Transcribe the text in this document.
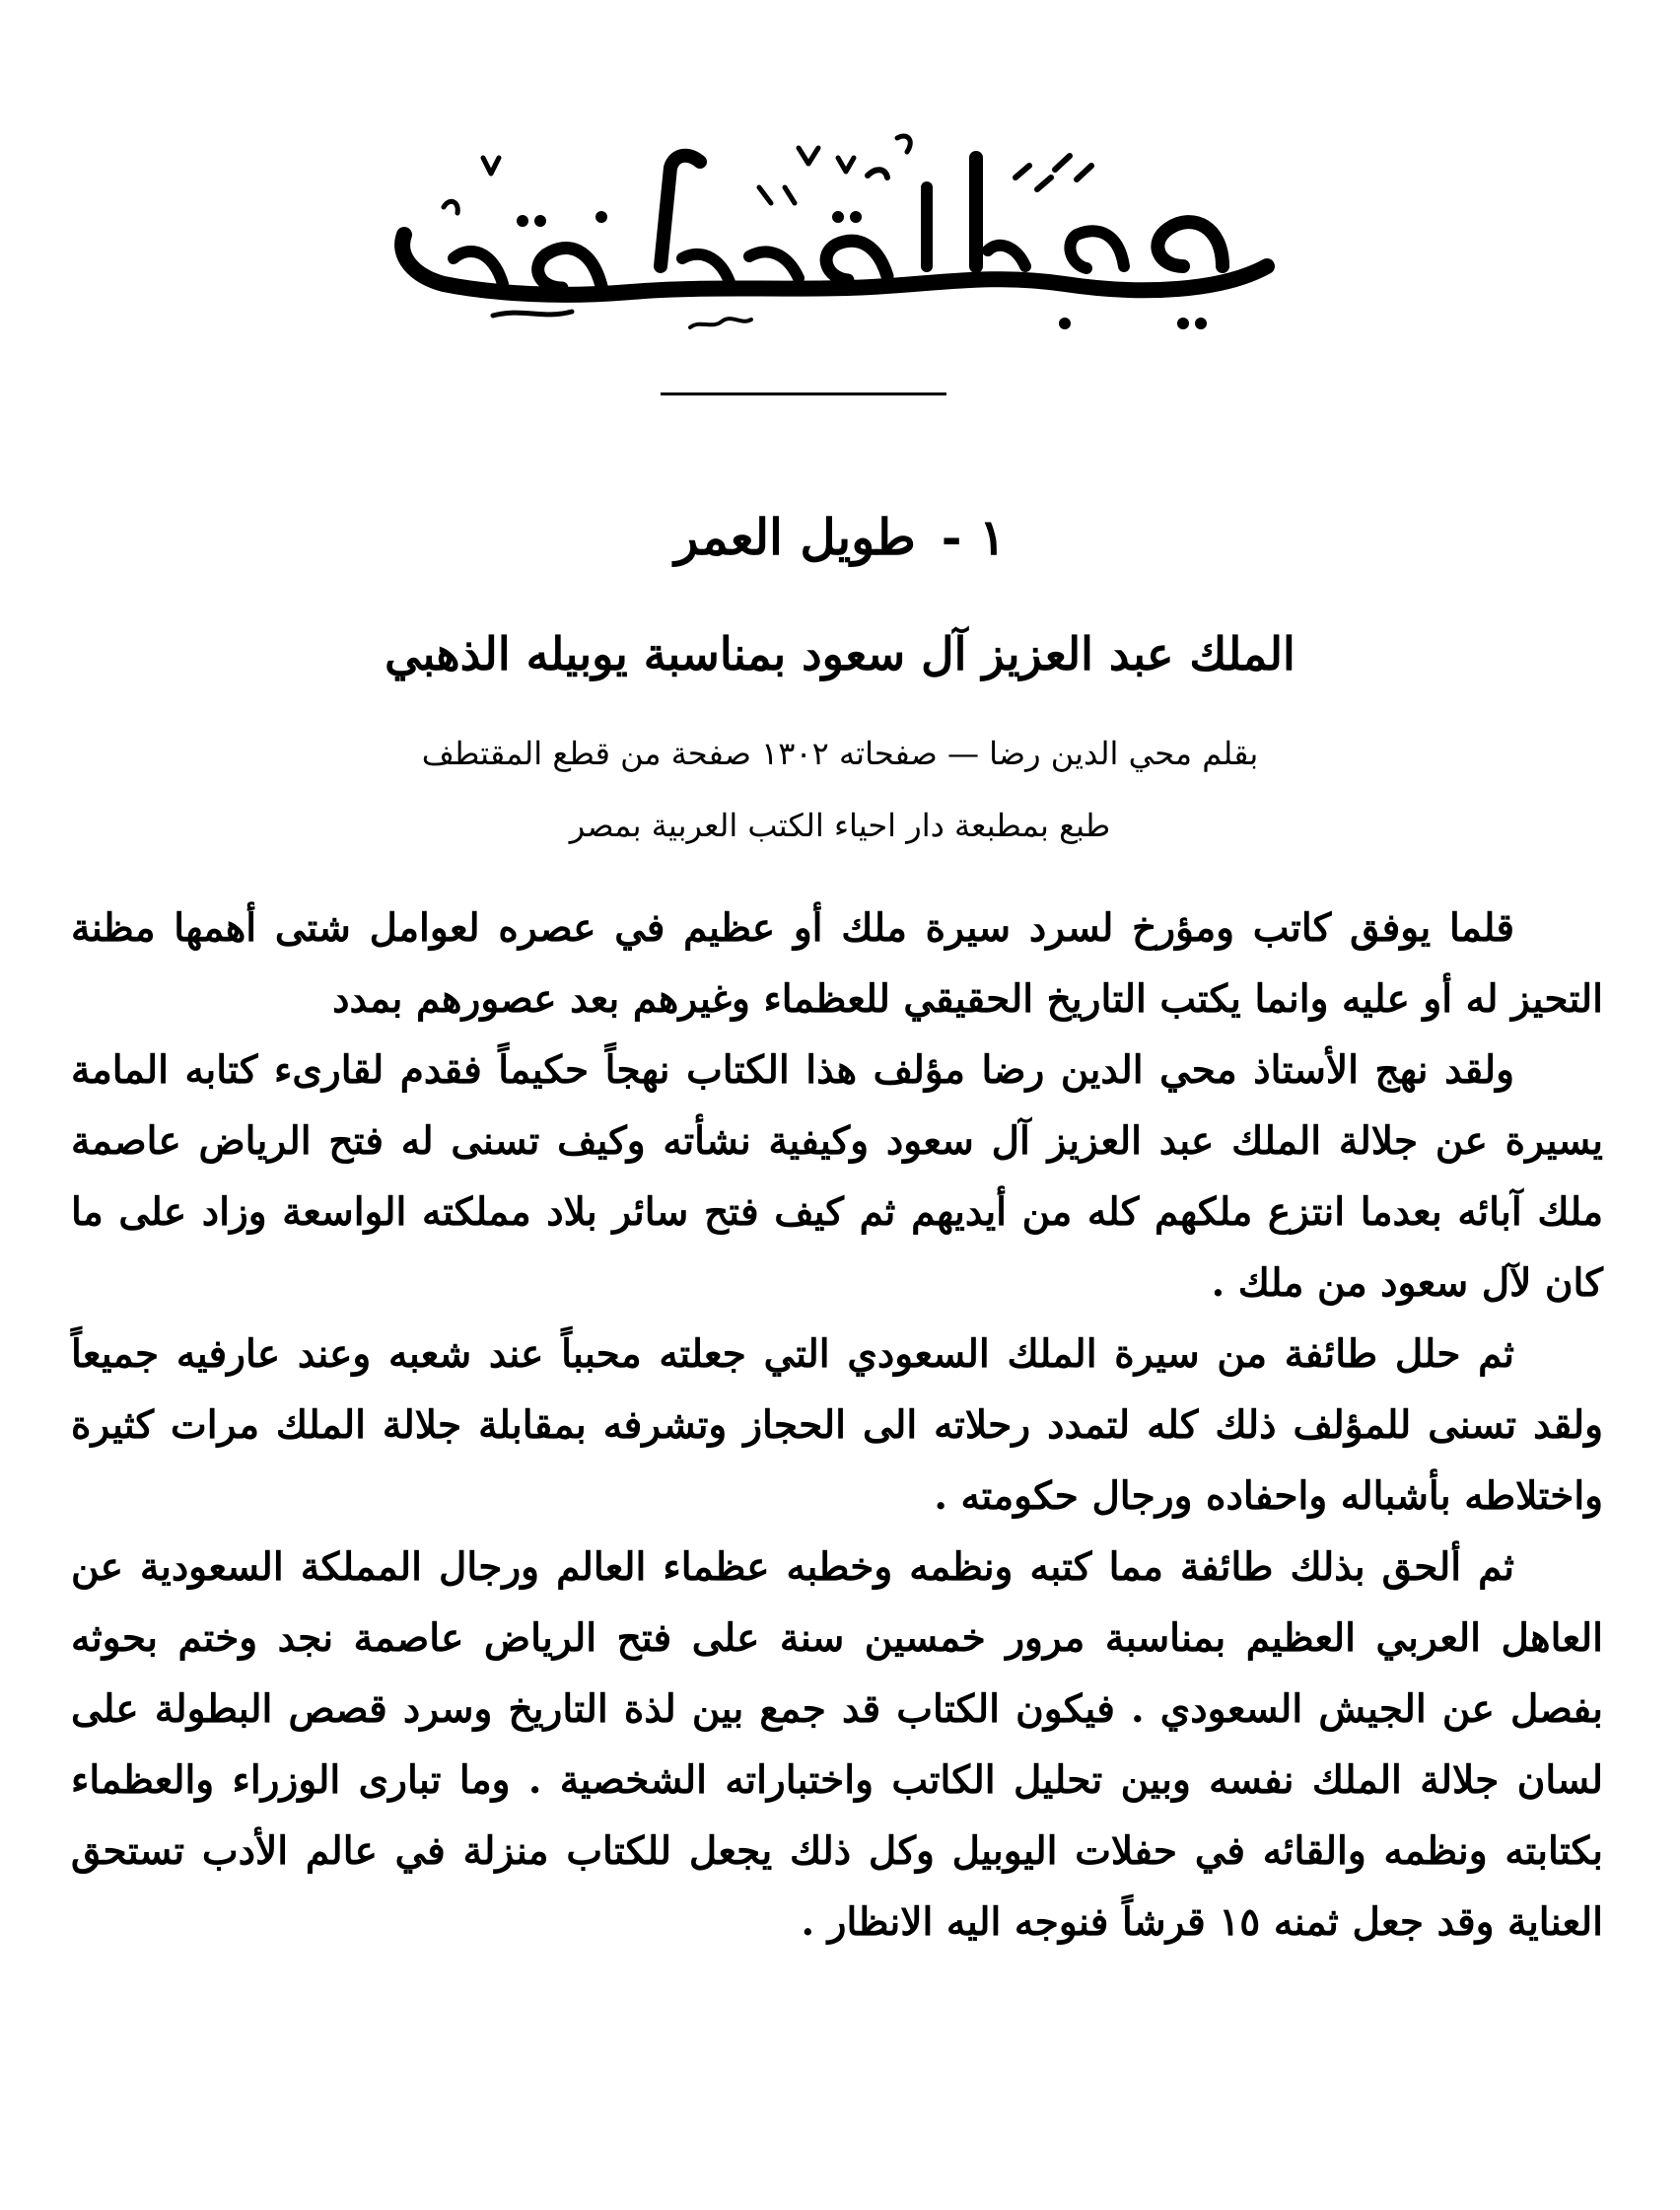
١ -طويل العمر
الملك عبد العزيز آل سعود بمناسبة يوبيله الذهبي
بقلم محي الدين رضا — صفحاته ١٣٠٢ صفحة من قطع المقتطف
طبع بمطبعة دار احياء الكتب العربية بمصر

قلما يوفق كاتب ومؤرخ لسرد سيرة ملك أو عظيم في عصره لعوامل شتى أهمها مظنة التحيز له أو عليه وانما يكتب التاريخ الحقيقي للعظماء وغيرهم بعد عصورهم بمدد

ولقد نهج الأستاذ محي الدين رضا مؤلف هذا الكتاب نهجاً حكيماً فقدم لقارىء كتابه المامة يسيرة عن جلالة الملك عبد العزيز آل سعود وكيفية نشأته وكيف تسنى له فتح الرياض عاصمة ملك آبائه بعدما انتزع ملكهم كله من أيديهم ثم كيف فتح سائر بلاد مملكته الواسعة وزاد على ما كان لآل سعود من ملك .

ثم حلل طائفة من سيرة الملك السعودي التي جعلته محبباً عند شعبه وعند عارفيه جميعاً ولقد تسنى للمؤلف ذلك كله لتمدد رحلاته الى الحجاز وتشرفه بمقابلة جلالة الملك مرات كثيرة واختلاطه بأشباله واحفاده ورجال حكومته .

ثم ألحق بذلك طائفة مما كتبه ونظمه وخطبه عظماء العالم ورجال المملكة السعودية عن العاهل العربي العظيم بمناسبة مرور خمسين سنة على فتح الرياض عاصمة نجد وختم بحوثه بفصل عن الجيش السعودي . فيكون الكتاب قد جمع بين لذة التاريخ وسرد قصص البطولة على لسان جلالة الملك نفسه وبين تحليل الكاتب واختباراته الشخصية . وما تبارى الوزراء والعظماء بكتابته ونظمه والقائه في حفلات اليوبيل وكل ذلك يجعل للكتاب منزلة في عالم الأدب تستحق العناية وقد جعل ثمنه ١٥ قرشاً فنوجه اليه الانظار .
